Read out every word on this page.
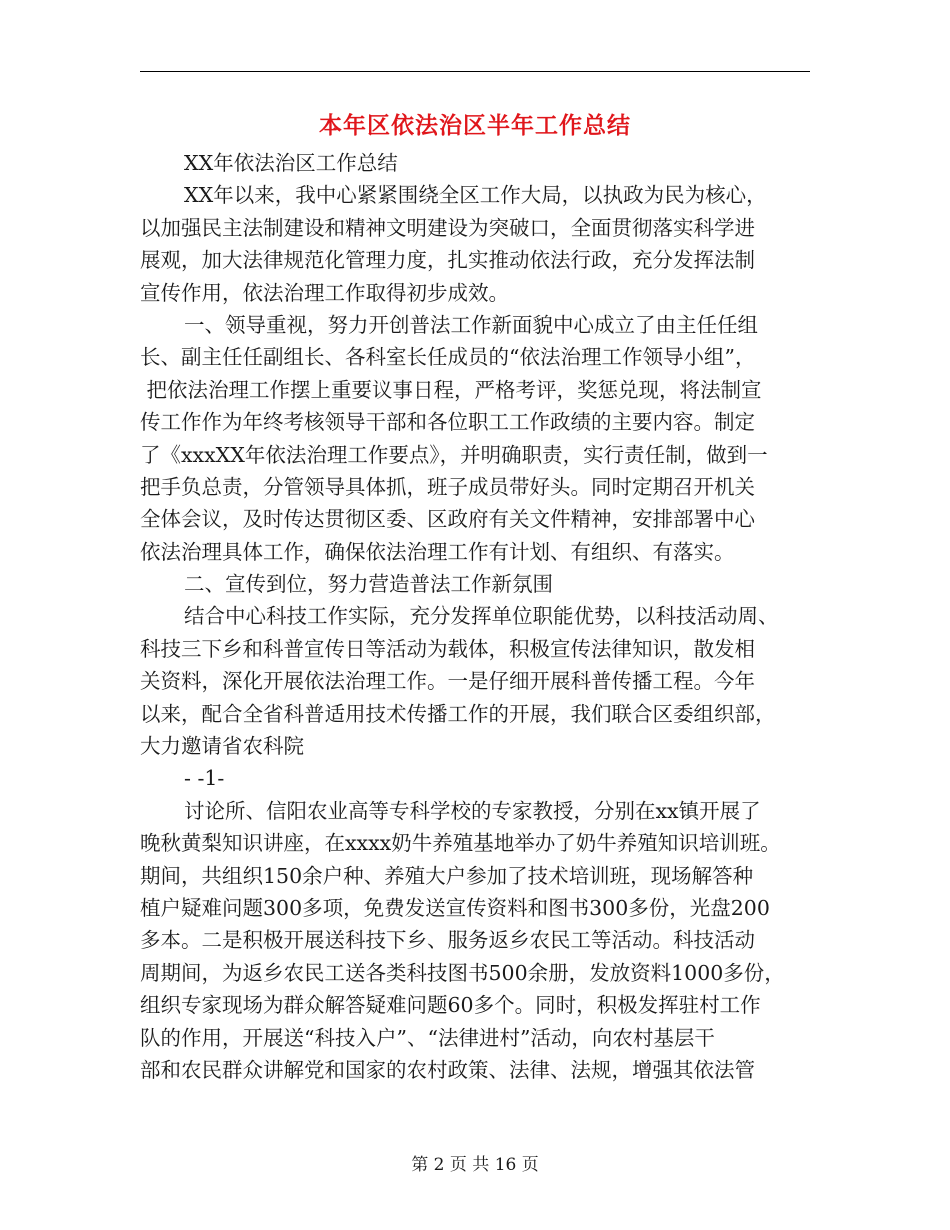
本年区依法治区半年工作总结
XX年依法治区工作总结
XX年以来，我中心紧紧围绕全区工作大局，以执政为民为核心，
以加强民主法制建设和精神文明建设为突破口，全面贯彻落实科学进
展观，加大法律规范化管理力度，扎实推动依法行政，充分发挥法制
宣传作用，依法治理工作取得初步成效。
一、领导重视，努力开创普法工作新面貌中心成立了由主任任组
长、副主任任副组长、各科室长任成员的“依法治理工作领导小组”，
把依法治理工作摆上重要议事日程，严格考评，奖惩兑现，将法制宣
传工作作为年终考核领导干部和各位职工工作政绩的主要内容。制定
了《xxxXX年依法治理工作要点》，并明确职责，实行责任制，做到一
把手负总责，分管领导具体抓，班子成员带好头。同时定期召开机关
全体会议，及时传达贯彻区委、区政府有关文件精神，安排部署中心
依法治理具体工作，确保依法治理工作有计划、有组织、有落实。
二、宣传到位，努力营造普法工作新氛围
结合中心科技工作实际，充分发挥单位职能优势，以科技活动周、
科技三下乡和科普宣传日等活动为载体，积极宣传法律知识，散发相
关资料，深化开展依法治理工作。一是仔细开展科普传播工程。今年
以来，配合全省科普适用技术传播工作的开展，我们联合区委组织部，
大力邀请省农科院
- -1-
讨论所、信阳农业高等专科学校的专家教授，分别在xx镇开展了
晚秋黄梨知识讲座，在xxxx奶牛养殖基地举办了奶牛养殖知识培训班。
期间，共组织150余户种、养殖大户参加了技术培训班，现场解答种
植户疑难问题300多项，免费发送宣传资料和图书300多份，光盘200
多本。二是积极开展送科技下乡、服务返乡农民工等活动。科技活动
周期间，为返乡农民工送各类科技图书500余册，发放资料1000多份，
组织专家现场为群众解答疑难问题60多个。同时，积极发挥驻村工作
队的作用，开展送“科技入户”、“法律进村”活动，向农村基层干
部和农民群众讲解党和国家的农村政策、法律、法规，增强其依法管
第 2 页 共 16 页
